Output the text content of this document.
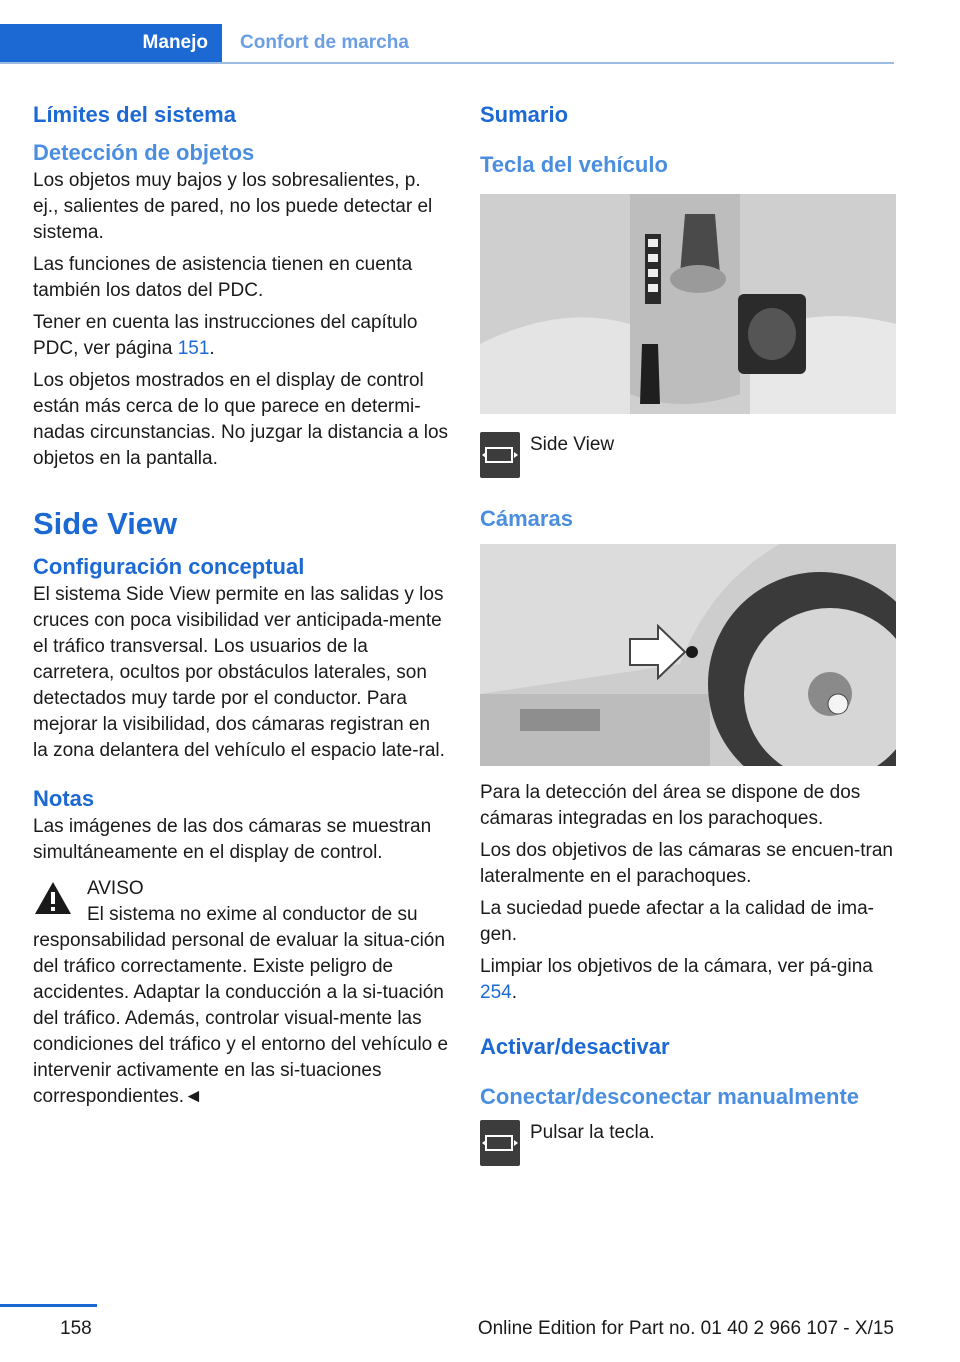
Manejo Confort de marcha
Límites del sistema
Detección de objetos

Los objetos muy bajos y los sobresalientes, p. ej., salientes de pared, no los puede detectar el sistema.

Las funciones de asistencia tienen en cuenta también los datos del PDC.

Tener en cuenta las instrucciones del capítulo PDC, ver página 151.

Los objetos mostrados en el display de control están más cerca de lo que parece en determi-nadas circunstancias. No juzgar la distancia a los objetos en la pantalla.

Side View
Configuración conceptual

El sistema Side View permite en las salidas y los cruces con poca visibilidad ver anticipada-mente el tráfico transversal. Los usuarios de la carretera, ocultos por obstáculos laterales, son detectados muy tarde por el conductor. Para mejorar la visibilidad, dos cámaras registran en la zona delantera del vehículo el espacio late-ral.

Notas

Las imágenes de las dos cámaras se muestran simultáneamente en el display de control.

AVISO

El sistema no exime al conductor de su responsabilidad personal de evaluar la situa-ción del tráfico correctamente. Existe peligro de accidentes. Adaptar la conducción a la si-tuación del tráfico. Además, controlar visual-mente las condiciones del tráfico y el entorno del vehículo e intervenir activamente en las si-tuaciones correspondientes.◄

Sumario
Tecla del vehículo
Side View
Cámaras

Para la detección del área se dispone de dos cámaras integradas en los parachoques.

Los dos objetivos de las cámaras se encuen-tran lateralmente en el parachoques.

La suciedad puede afectar a la calidad de ima-gen.

Limpiar los objetivos de la cámara, ver pá-gina 254.

Activar/desactivar
Conectar/desconectar manualmente
Pulsar la tecla.
158	Online Edition for Part no. 01 40 2 966 107 - X/15
